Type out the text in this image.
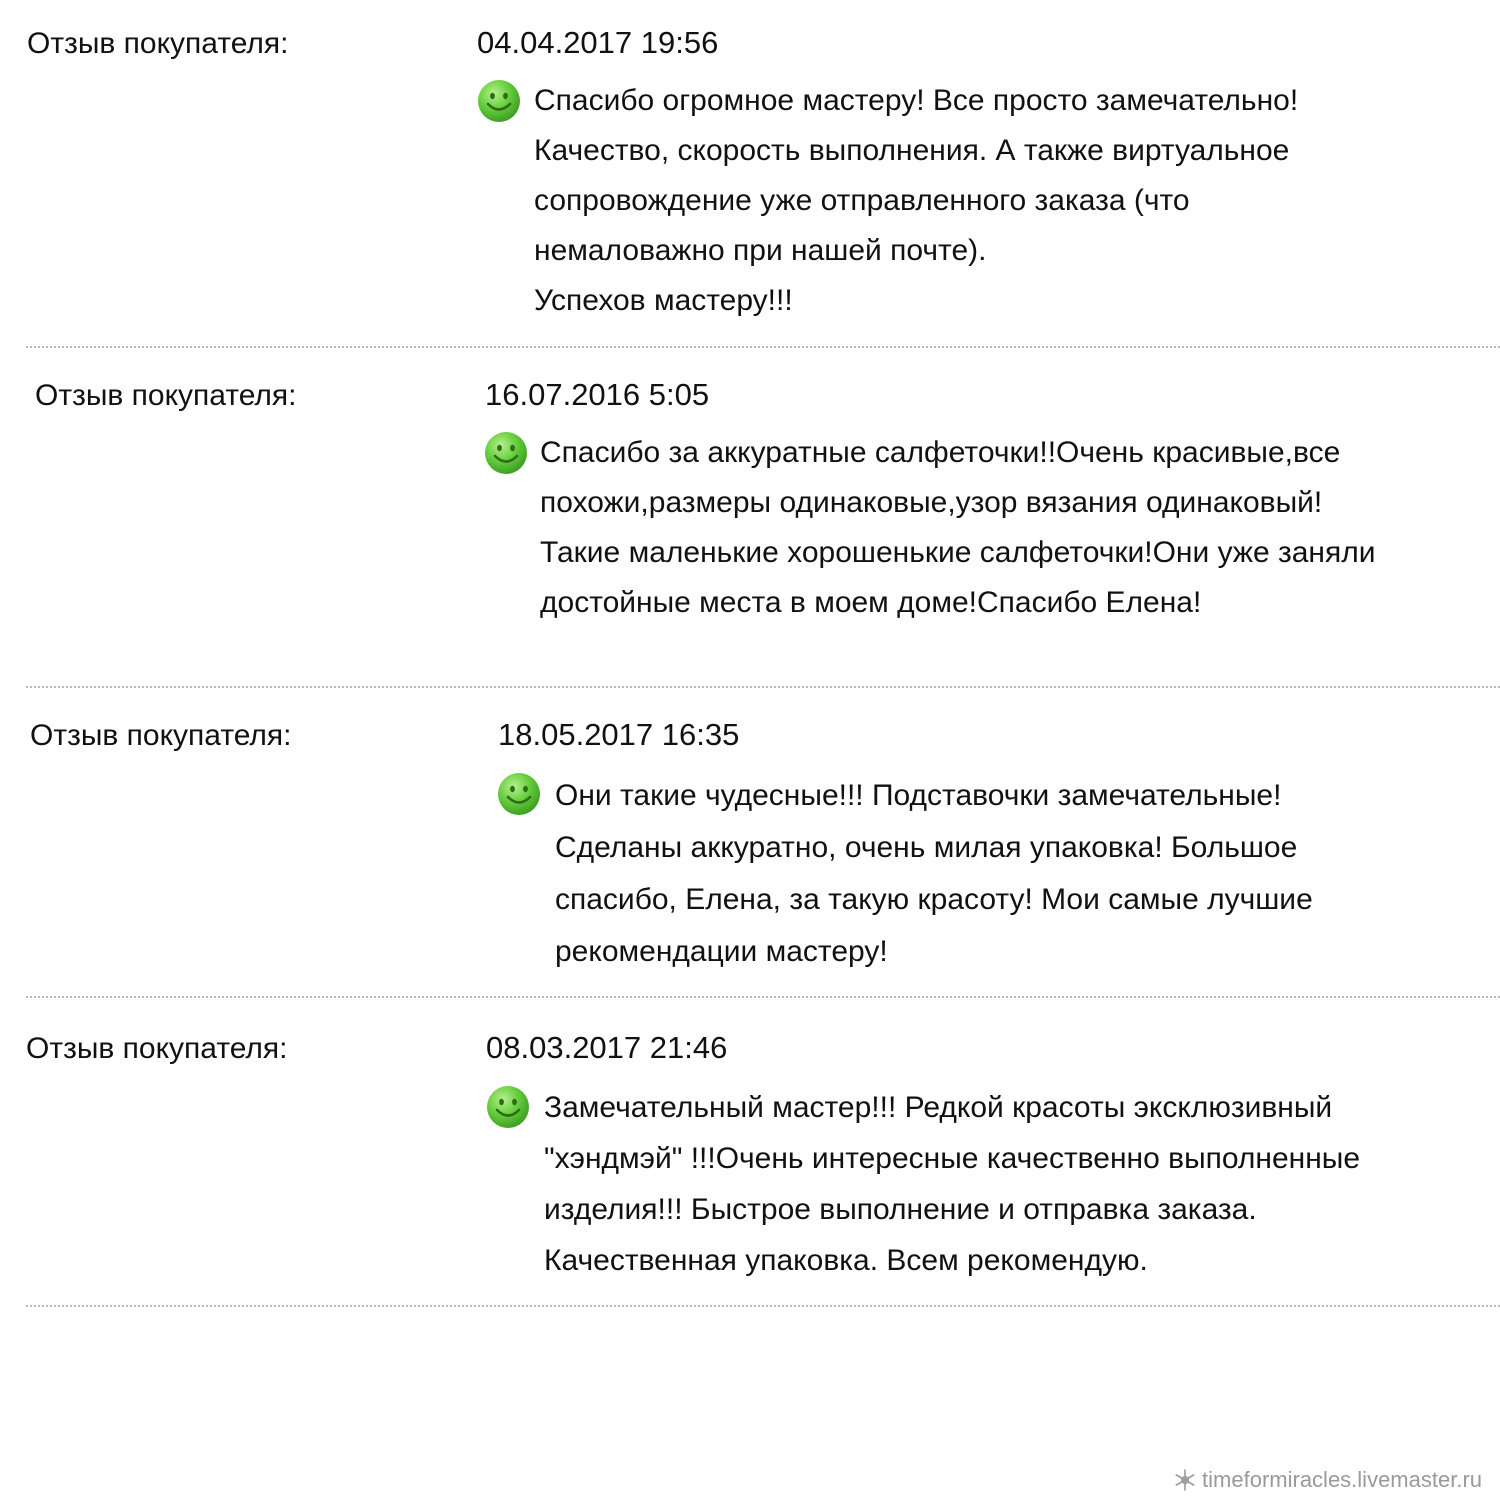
Отзыв покупателя:	04.04.2017 19:56
Спасибо огромное мастеру! Все просто замечательно!
Качество, скорость выполнения. А также виртуальное
сопровождение уже отправленного заказа (что
немаловажно при нашей почте).
Успехов мастеру!!!
Отзыв покупателя:	16.07.2016 5:05
Спасибо за аккуратные салфеточки!!Очень красивые,все
похожи,размеры одинаковые,узор вязания одинаковый!
Такие маленькие хорошенькие салфеточки!Они уже заняли
достойные места в моем доме!Спасибо Елена!
Отзыв покупателя:	18.05.2017 16:35
Они такие чудесные!!! Подставочки замечательные!
Сделаны аккуратно, очень милая упаковка! Большое
спасибо, Елена, за такую красоту! Мои самые лучшие
рекомендации мастеру!
Отзыв покупателя:	08.03.2017 21:46
Замечательный мастер!!! Редкой красоты эксклюзивный
"хэндмэй" !!!Очень интересные качественно выполненные
изделия!!! Быстрое выполнение и отправка заказа.
Качественная упаковка. Всем рекомендую.
timeformiracles.livemaster.ru
